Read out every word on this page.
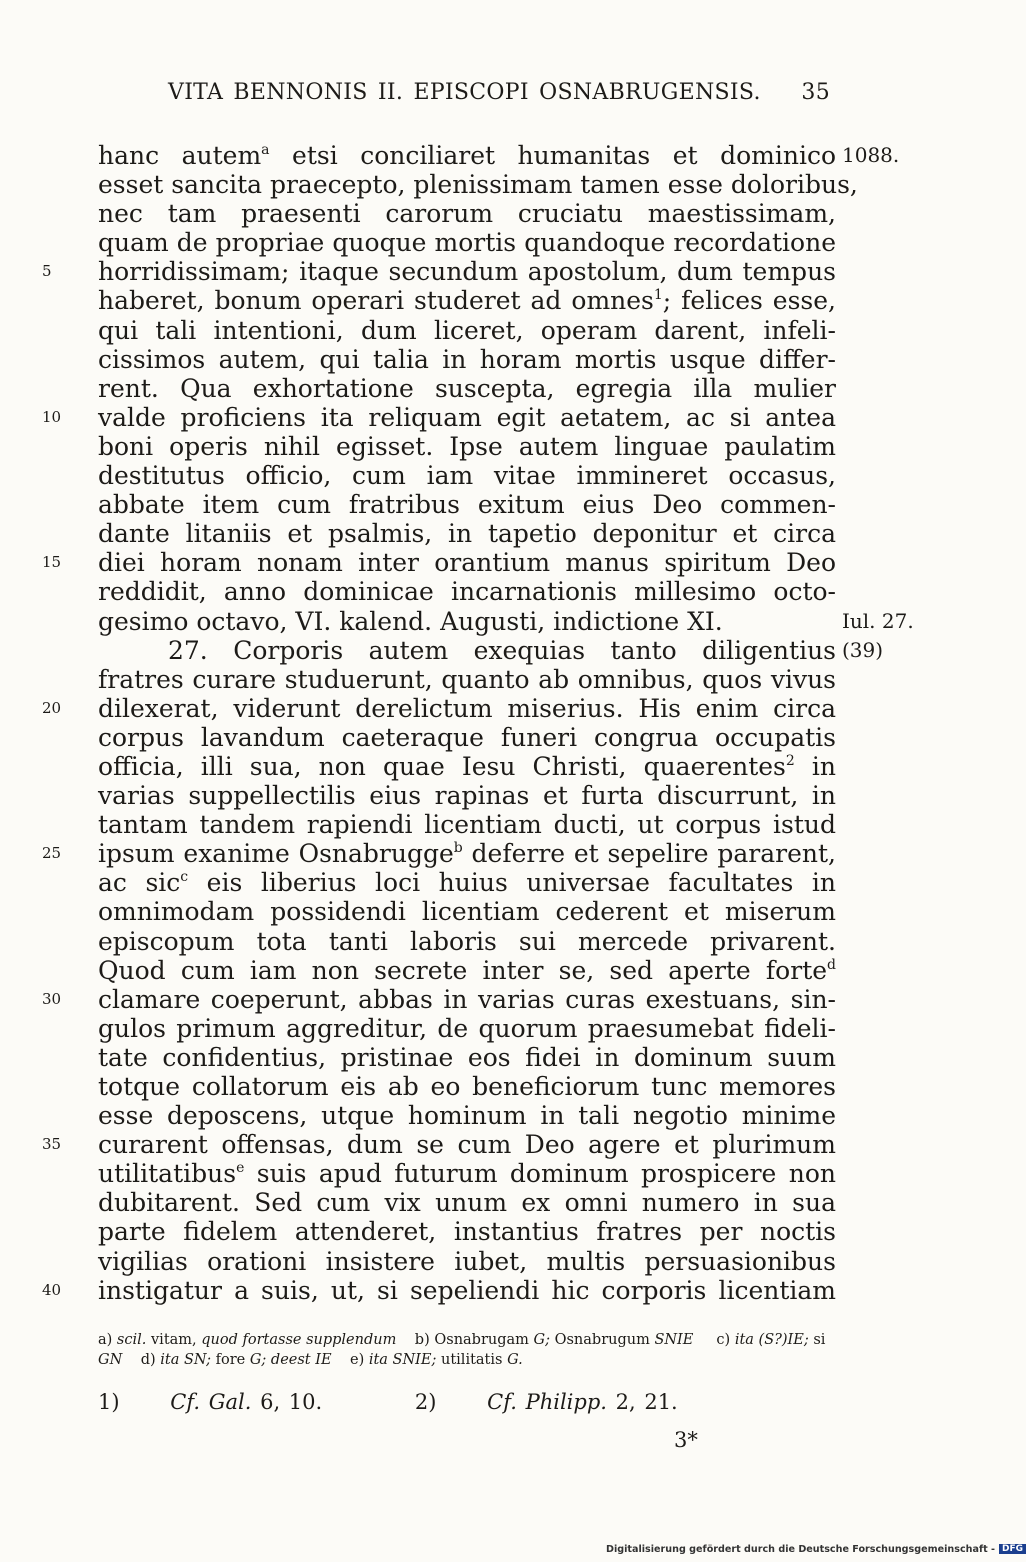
VITA BENNONIS II. EPISCOPI OSNABRUGENSIS. 35
hanc autem$^a$ etsi conciliaret humanitas et dominico 1088.
esset sancita praecepto, plenissimam tamen esse doloribus,
nec tam praesenti carorum cruciatu maestissimam,
quam de propriae quoque mortis quandoque recordatione
5	horridissimam; itaque secundum apostolum, dum tempus
haberet, bonum operari studeret ad omnes$^1$; felices esse,
qui tali intentioni, dum liceret, operam darent, infeli-
cissimos autem, qui talia in horam mortis usque differ-
rent. Qua exhortatione suscepta, egregia illa mulier
10	valde proficiens ita reliquam egit aetatem, ac si antea
boni operis nihil egisset. Ipse autem linguae paulatim
destitutus officio, cum iam vitae immineret occasus,
abbate item cum fratribus exitum eius Deo commen-
dante litaniis et psalmis, in tapetio deponitur et circa
15	diei horam nonam inter orantium manus spiritum Deo
reddidit, anno dominicae incarnationis millesimo octo-
gesimo octavo, VI. kalend. Augusti, indictione XI.	Iul. 27.
27. Corporis autem exequias tanto diligentius (39)
fratres curare studuerunt, quanto ab omnibus, quos vivus
20	dilexerat, viderunt derelictum miserius. His enim circa
corpus lavandum caeteraque funeri congrua occupatis
officia, illi sua, non quae Iesu Christi, quaerentes$^2$ in
varias suppellectilis eius rapinas et furta discurrunt, in
tantam tandem rapiendi licentiam ducti, ut corpus istud
25	ipsum exanime Osnabrugge$^b$ deferre et sepelire pararent,
ac sic$^c$ eis liberius loci huius universae facultates in
omnimodam possidendi licentiam cederent et miserum
episcopum tota tanti laboris sui mercede privarent.
Quod cum iam non secrete inter se, sed aperte forte$^d$
30	clamare coeperunt, abbas in varias curas exestuans, sin-
gulos primum aggreditur, de quorum praesumebat fideli-
tate confidentius, pristinae eos fidei in dominum suum
totque collatorum eis ab eo beneficiorum tunc memores
esse deposcens, utque hominum in tali negotio minime
35	curarent offensas, dum se cum Deo agere et plurimum
utilitatibus$^e$ suis apud futurum dominum prospicere non
dubitarent. Sed cum vix unum ex omni numero in sua
parte fidelem attenderet, instantius fratres per noctis
vigilias orationi insistere iubet, multis persuasionibus
40	instigatur a suis, ut, si sepeliendi hic corporis licentiam
a) scil. vitam, quod fortasse supplendum b) Osnabrugam G; Osnabrugum SNIE c) ita (S?)IE; si GN d) ita SN; fore G; deest IE e) ita SNIE; utilitatis G.
1) Cf. Gal. 6, 10.	2) Cf. Philipp. 2, 21.
3*
Digitalisierung gefördert durch die Deutsche Forschungsgemeinschaft - DFG
